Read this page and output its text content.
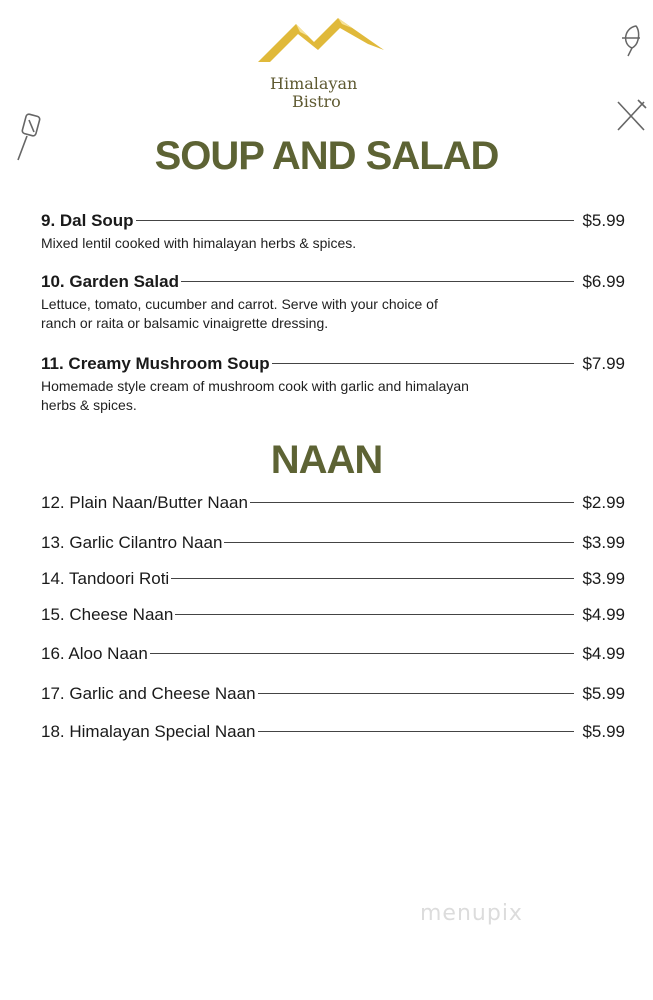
Himalayan
Bistro
SOUP AND SALAD
9. Dal Soup	$5.99
Mixed lentil cooked with himalayan herbs & spices.
10. Garden Salad	$6.99
Lettuce, tomato, cucumber and carrot. Serve with your choice of ranch or raita or balsamic vinaigrette dressing.
11. Creamy Mushroom Soup	$7.99
Homemade style cream of mushroom cook with garlic and himalayan herbs & spices.
NAAN
12. Plain Naan/Butter Naan	$2.99
13. Garlic Cilantro Naan	$3.99
14. Tandoori Roti	$3.99
15. Cheese Naan	$4.99
16. Aloo Naan	$4.99
17. Garlic and Cheese Naan	$5.99
18. Himalayan Special Naan	$5.99
menupix
